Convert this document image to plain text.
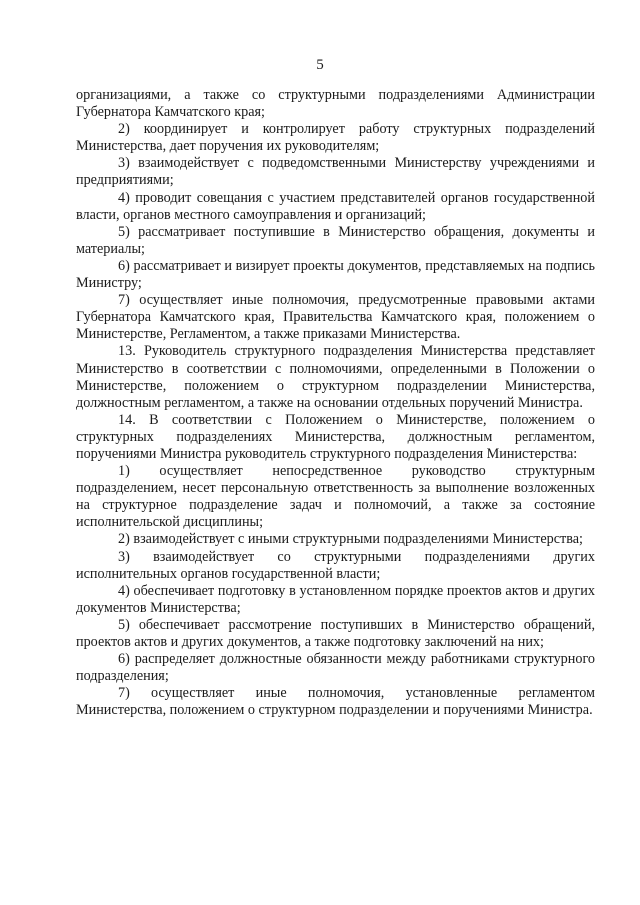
5

организациями, а также со структурными подразделениями Администрации Губернатора Камчатского края;

2) координирует и контролирует работу структурных подразделений Министерства, дает поручения их руководителям;

3) взаимодействует с подведомственными Министерству учреждениями и предприятиями;

4) проводит совещания с участием представителей органов государственной власти, органов местного самоуправления и организаций;

5) рассматривает поступившие в Министерство обращения, документы и материалы;

6) рассматривает и визирует проекты документов, представляемых на подпись Министру;

7) осуществляет иные полномочия, предусмотренные правовыми актами Губернатора Камчатского края, Правительства Камчатского края, положением о Министерстве, Регламентом, а также приказами Министерства.

13. Руководитель структурного подразделения Министерства представляет Министерство в соответствии с полномочиями, определенными в Положении о Министерстве, положением о структурном подразделении Министерства, должностным регламентом, а также на основании отдельных поручений Министра.

14. В соответствии с Положением о Министерстве, положением о структурных подразделениях Министерства, должностным регламентом, поручениями Министра руководитель структурного подразделения Министерства:

1) осуществляет непосредственное руководство структурным подразделением, несет персональную ответственность за выполнение возложенных на структурное подразделение задач и полномочий, а также за состояние исполнительской дисциплины;

2) взаимодействует с иными структурными подразделениями Министерства;

3) взаимодействует со структурными подразделениями других исполнительных органов государственной власти;

4) обеспечивает подготовку в установленном порядке проектов актов и других документов Министерства;

5) обеспечивает рассмотрение поступивших в Министерство обращений, проектов актов и других документов, а также подготовку заключений на них;

6) распределяет должностные обязанности между работниками структурного подразделения;

7) осуществляет иные полномочия, установленные регламентом Министерства, положением о структурном подразделении и поручениями Министра.
